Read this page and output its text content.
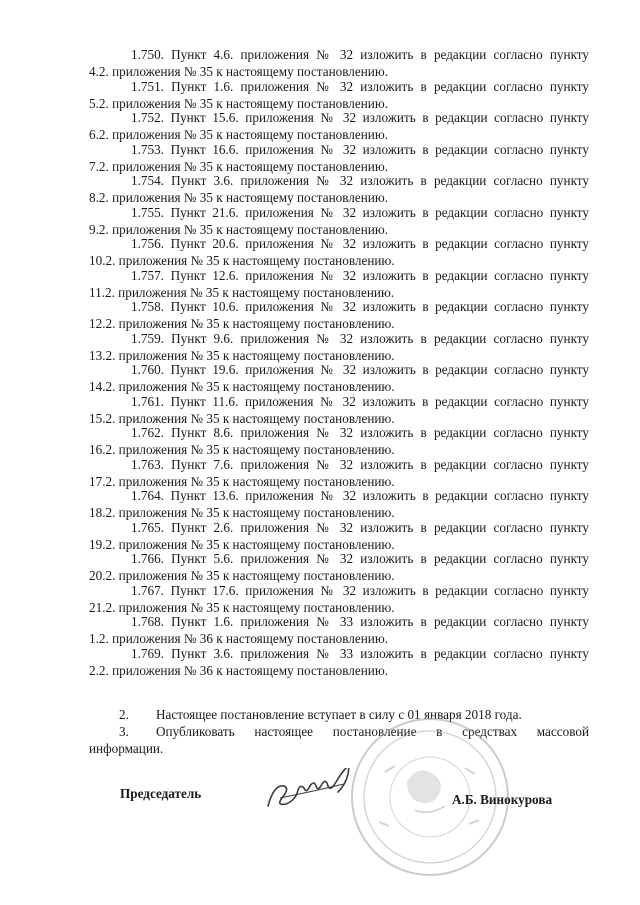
1.750. Пункт 4.6. приложения № 32 изложить в редакции согласно пункту
4.2. приложения № 35 к настоящему постановлению.
1.751. Пункт 1.6. приложения № 32 изложить в редакции согласно пункту
5.2. приложения № 35 к настоящему постановлению.
1.752. Пункт 15.6. приложения № 32 изложить в редакции согласно пункту
6.2. приложения № 35 к настоящему постановлению.
1.753. Пункт 16.6. приложения № 32 изложить в редакции согласно пункту
7.2. приложения № 35 к настоящему постановлению.
1.754. Пункт 3.6. приложения № 32 изложить в редакции согласно пункту
8.2. приложения № 35 к настоящему постановлению.
1.755. Пункт 21.6. приложения № 32 изложить в редакции согласно пункту
9.2. приложения № 35 к настоящему постановлению.
1.756. Пункт 20.6. приложения № 32 изложить в редакции согласно пункту
10.2. приложения № 35 к настоящему постановлению.
1.757. Пункт 12.6. приложения № 32 изложить в редакции согласно пункту
11.2. приложения № 35 к настоящему постановлению.
1.758. Пункт 10.6. приложения № 32 изложить в редакции согласно пункту
12.2. приложения № 35 к настоящему постановлению.
1.759. Пункт 9.6. приложения № 32 изложить в редакции согласно пункту
13.2. приложения № 35 к настоящему постановлению.
1.760. Пункт 19.6. приложения № 32 изложить в редакции согласно пункту
14.2. приложения № 35 к настоящему постановлению.
1.761. Пункт 11.6. приложения № 32 изложить в редакции согласно пункту
15.2. приложения № 35 к настоящему постановлению.
1.762. Пункт 8.6. приложения № 32 изложить в редакции согласно пункту
16.2. приложения № 35 к настоящему постановлению.
1.763. Пункт 7.6. приложения № 32 изложить в редакции согласно пункту
17.2. приложения № 35 к настоящему постановлению.
1.764. Пункт 13.6. приложения № 32 изложить в редакции согласно пункту
18.2. приложения № 35 к настоящему постановлению.
1.765. Пункт 2.6. приложения № 32 изложить в редакции согласно пункту
19.2. приложения № 35 к настоящему постановлению.
1.766. Пункт 5.6. приложения № 32 изложить в редакции согласно пункту
20.2. приложения № 35 к настоящему постановлению.
1.767. Пункт 17.6. приложения № 32 изложить в редакции согласно пункту
21.2. приложения № 35 к настоящему постановлению.
1.768. Пункт 1.6. приложения № 33 изложить в редакции согласно пункту
1.2. приложения № 36 к настоящему постановлению.
1.769. Пункт 3.6. приложения № 33 изложить в редакции согласно пункту
2.2. приложения № 36 к настоящему постановлению.
2. Настоящее постановление вступает в силу с 01 января 2018 года.
3. Опубликовать настоящее постановление в средствах массовой
информации.
Председатель	А.Б. Винокурова
